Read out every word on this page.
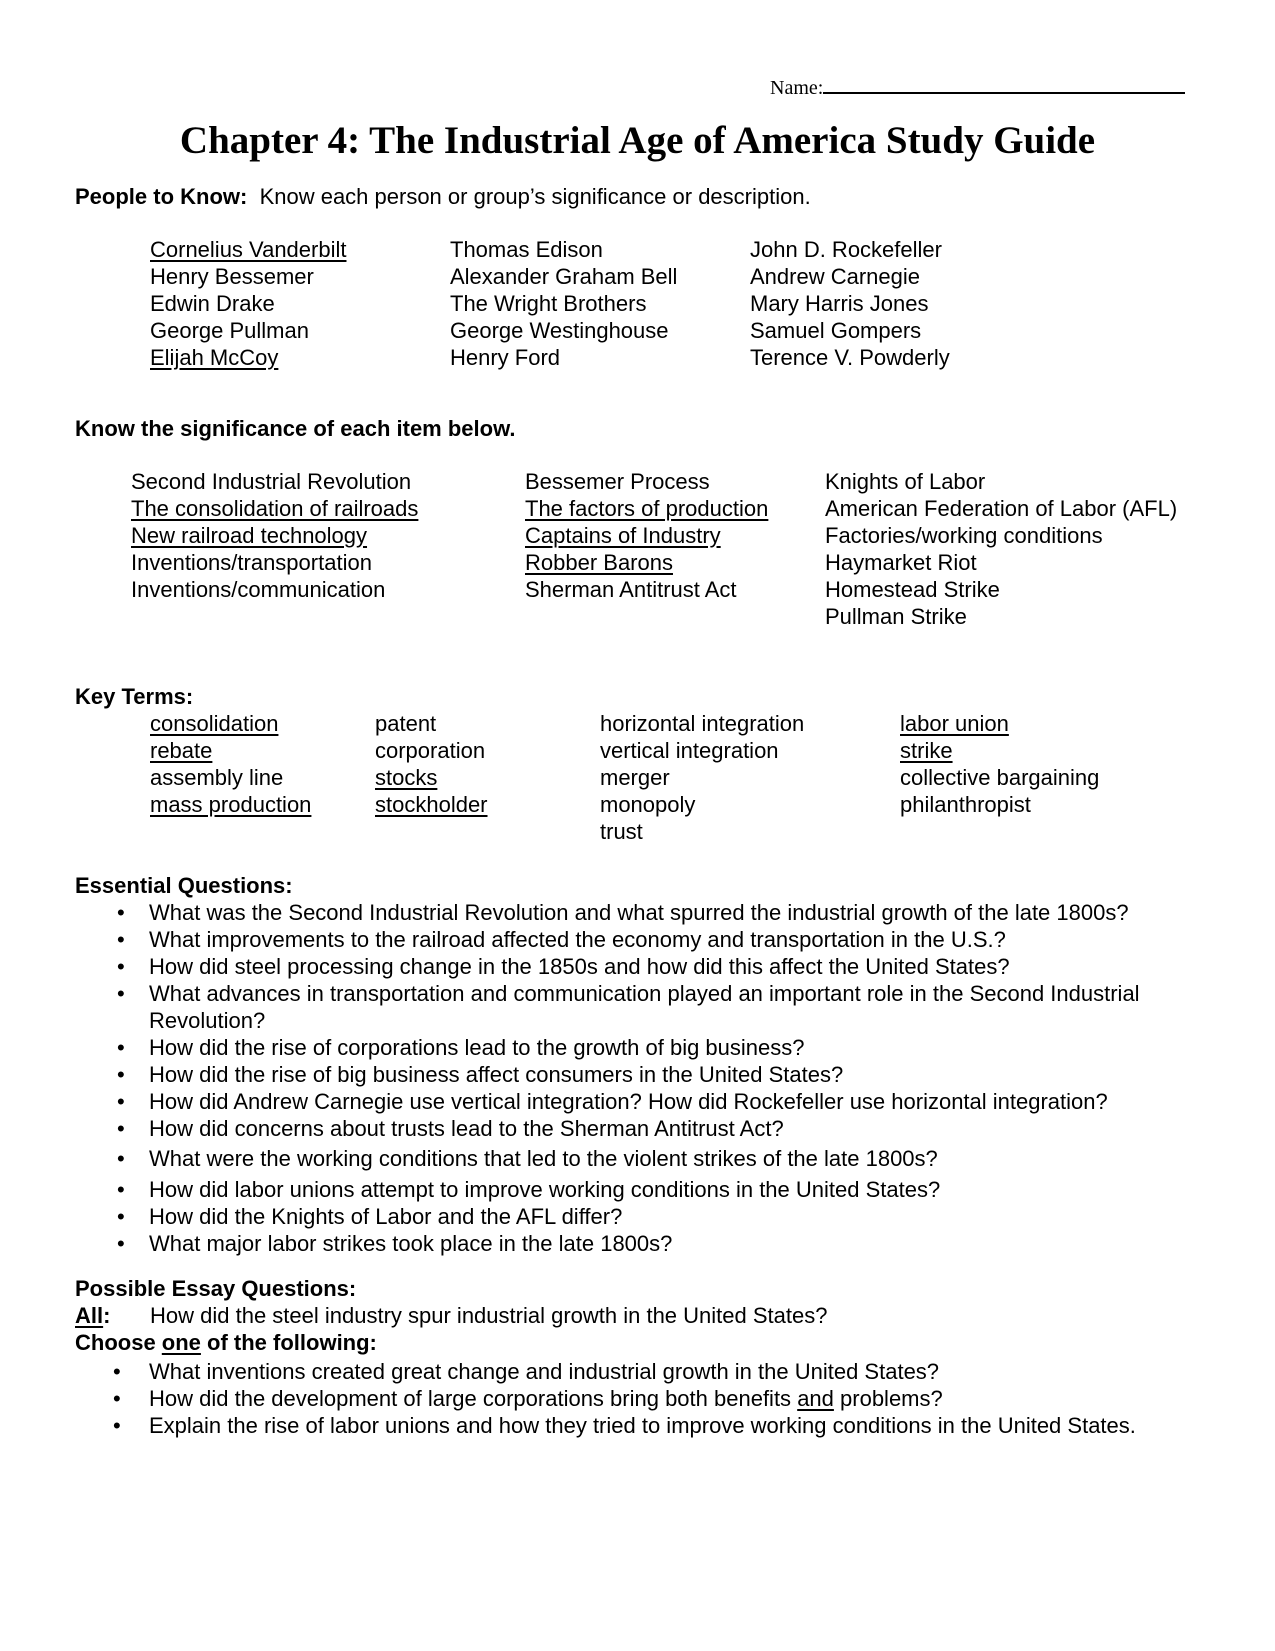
Name:
Chapter 4: The Industrial Age of America Study Guide
People to Know: Know each person or group’s significance or description.
Cornelius Vanderbilt
Henry Bessemer
Edwin Drake
George Pullman
Elijah McCoy
Thomas Edison
Alexander Graham Bell
The Wright Brothers
George Westinghouse
Henry Ford
John D. Rockefeller
Andrew Carnegie
Mary Harris Jones
Samuel Gompers
Terence V. Powderly
Know the significance of each item below.
Second Industrial Revolution
The consolidation of railroads
New railroad technology
Inventions/transportation
Inventions/communication
Bessemer Process
The factors of production
Captains of Industry
Robber Barons
Sherman Antitrust Act
Knights of Labor
American Federation of Labor (AFL)
Factories/working conditions
Haymarket Riot
Homestead Strike
Pullman Strike
Key Terms:
consolidation
rebate
assembly line
mass production
patent
corporation
stocks
stockholder
horizontal integration
vertical integration
merger
monopoly
trust
labor union
strike
collective bargaining
philanthropist
Essential Questions:
• What was the Second Industrial Revolution and what spurred the industrial growth of the late 1800s?
• What improvements to the railroad affected the economy and transportation in the U.S.?
• How did steel processing change in the 1850s and how did this affect the United States?
• What advances in transportation and communication played an important role in the Second Industrial Revolution?
• How did the rise of corporations lead to the growth of big business?
• How did the rise of big business affect consumers in the United States?
• How did Andrew Carnegie use vertical integration? How did Rockefeller use horizontal integration?
• How did concerns about trusts lead to the Sherman Antitrust Act?
• What were the working conditions that led to the violent strikes of the late 1800s?
• How did labor unions attempt to improve working conditions in the United States?
• How did the Knights of Labor and the AFL differ?
• What major labor strikes took place in the late 1800s?
Possible Essay Questions:
All: How did the steel industry spur industrial growth in the United States?
Choose one of the following:
• What inventions created great change and industrial growth in the United States?
• How did the development of large corporations bring both benefits and problems?
• Explain the rise of labor unions and how they tried to improve working conditions in the United States.
